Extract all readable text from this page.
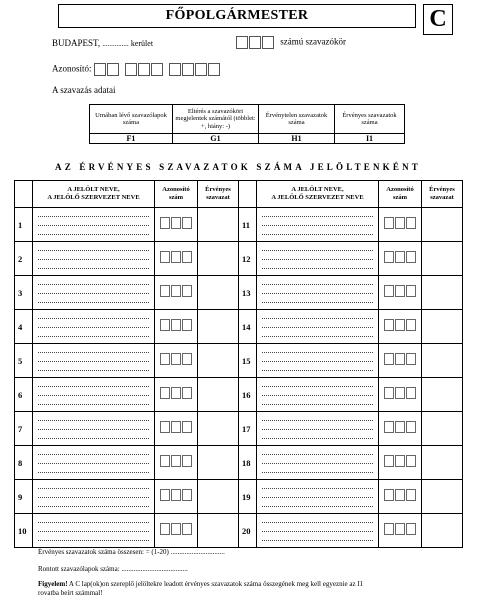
FŐPOLGÁRMESTER	C
BUDAPEST, ............... kerület	számú szavazókör
Azonosító:

A szavazás adatai
Urnában lévő szavazólapok száma	Eltérés a szavazóköri megjelentek számától (többlet: +, hiány: -)	Érvénytelen szavazatok száma	Érvényes szavazatok száma
F1	G1	H1	I1
AZ ÉRVÉNYES SZAVAZATOK SZÁMA JELÖLTENKÉNT
	A JELÖLT NEVE,
A JELÖLŐ SZERVEZET NEVE	Azonosító szám	Érvényes szavazat		A JELÖLT NEVE,
A JELÖLŐ SZERVEZET NEVE	Azonosító szám	Érvényes szavazat
1				11	

2				12	

3				13	

4				14	

5				15	

6				16	

7				17	

8				18	

9				19	

10				20	

Érvényes szavazatok száma összesen: = (1-20) ...............................
Rontott szavazólapok száma: ......................................
Figyelem! A C lap(ok)on szereplő jelöltekre leadott érvényes szavazatok száma összegének meg kell egyeznie az I1
rovatba beírt számmal!
